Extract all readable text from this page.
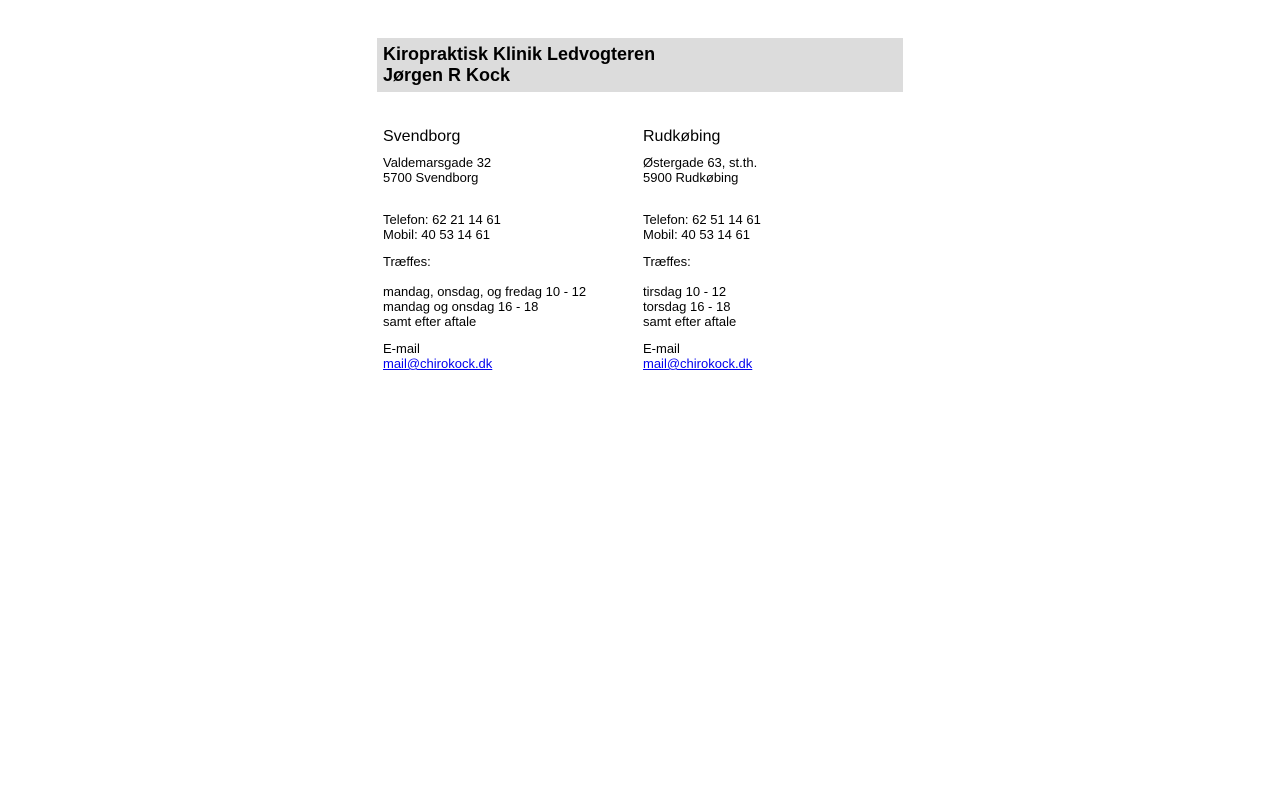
Kiropraktisk Klinik Ledvogteren

Jørgen R Kock

Svendborg

Valdemarsgade 32
5700 Svendborg
Telefon: 62 21 14 61
Mobil: 40 53 14 61
Træffes:
mandag, onsdag, og fredag 10 - 12
mandag og onsdag 16 - 18
samt efter aftale
E-mail
mail@chirokock.dk

Rudkøbing

Østergade 63, st.th.
5900 Rudkøbing
Telefon: 62 51 14 61
Mobil: 40 53 14 61
Træffes:
tirsdag 10 - 12
torsdag 16 - 18
samt efter aftale
E-mail
mail@chirokock.dk
